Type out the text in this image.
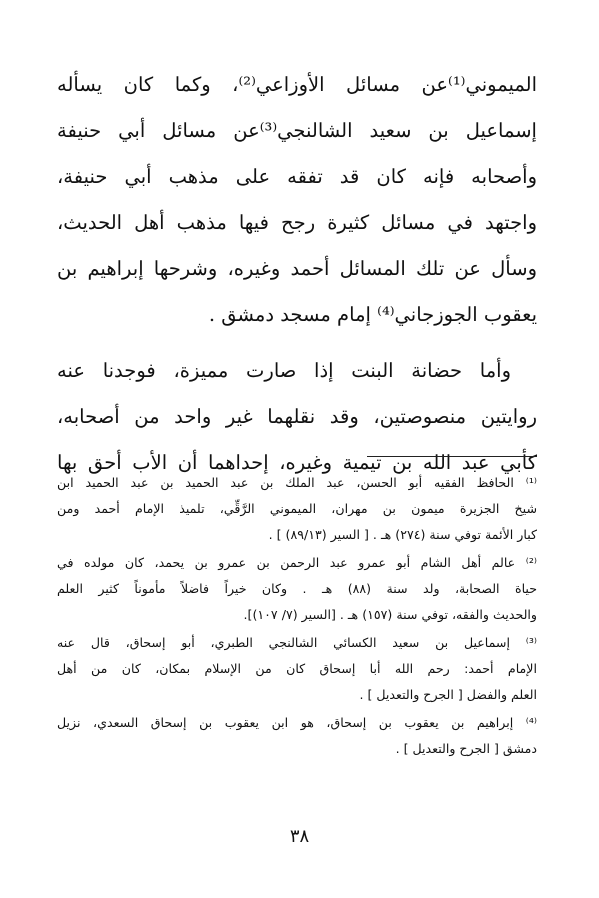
الميموني⁽¹⁾عن مسائل الأوزاعي⁽²⁾، وكما كان يسأله
إسماعيل بن سعيد الشالنجي⁽³⁾عن مسائل أبي حنيفة
وأصحابه فإنه كان قد تفقه على مذهب أبي حنيفة،
واجتهد في مسائل كثيرة رجح فيها مذهب أهل الحديث،
وسأل عن تلك المسائل أحمد وغيره، وشرحها إبراهيم بن
يعقوب الجوزجاني⁽⁴⁾ إمام مسجد دمشق .
وأما حضانة البنت إذا صارت مميزة، فوجدنا عنه
روايتين منصوصتين، وقد نقلهما غير واحد من أصحابه،
كأبي عبد الله بن تيمية وغيره، إحداهما أن الأب أحق بها
⁽¹⁾ الحافظ الفقيه أبو الحسن، عبد الملك بن عبد الحميد بن عبد الحميد ابن
شيخ الجزيرة ميمون بن مهران، الميموني الرَّقِّي، تلميذ الإمام أحمد ومن
كبار الأئمة توفي سنة (٢٧٤) هـ . [ السير (٨٩/١٣) ] .
⁽²⁾ عالم أهل الشام أبو عمرو عبد الرحمن بن عمرو بن يحمد، كان مولده في
حياة الصحابة، ولد سنة (٨٨) هـ . وكان خيراً فاضلاً مأموناً كثير العلم
والحديث والفقه، توفي سنة (١٥٧) هـ . [السير (٧/ ١٠٧)].
⁽³⁾ إسماعيل بن سعيد الكسائي الشالنجي الطبري، أبو إسحاق، قال عنه
الإمام أحمد: رحم الله أبا إسحاق كان من الإسلام بمكان، كان من أهل
العلم والفضل [ الجرح والتعديل ] .
⁽⁴⁾ إبراهيم بن يعقوب بن إسحاق، هو ابن يعقوب بن إسحاق السعدي، نزيل
دمشق [ الجرح والتعديل ] .
٣٨
